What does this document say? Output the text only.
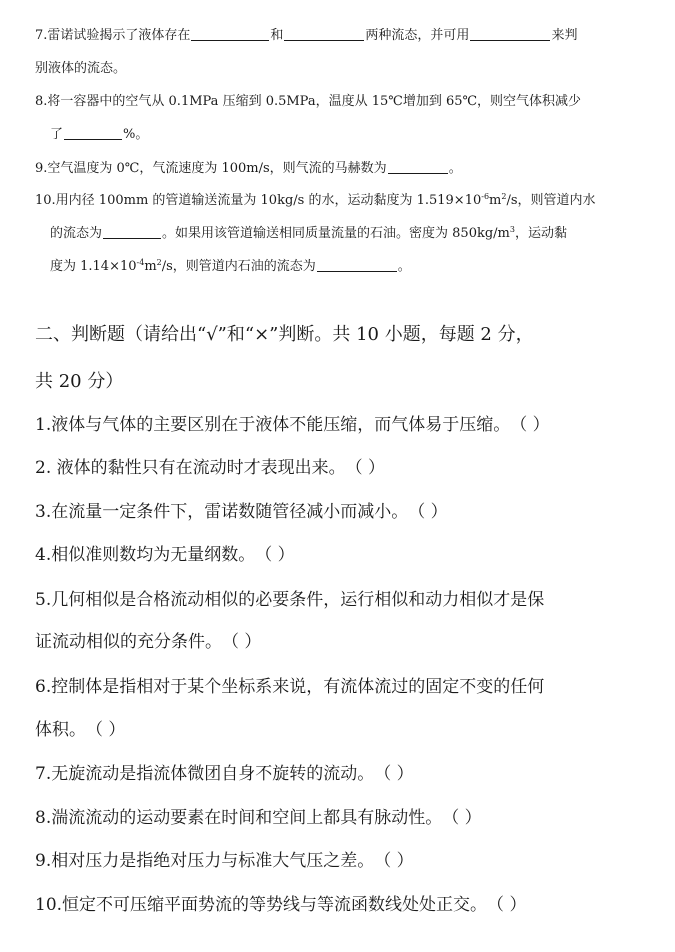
7.雷诺试验揭示了液体存在	和	两种流态，并可用	来判
别液体的流态。
8.将一容器中的空气从 0.1MPa 压缩到 0.5MPa，温度从 15℃增加到 65℃，则空气体积减少
了	%。
9.空气温度为 0℃，气流速度为 100m/s，则气流的马赫数为	。
10.用内径 100mm 的管道输送流量为 10kg/s 的水，运动黏度为 $1.519\times 10^{-6}m^2/s$，则管道内水
的流态为	。如果用该管道输送相同质量流量的石油。密度为 $850kg/m^3$，运动黏
度为 $1.14\times 10^{-4}m^2/s$，则管道内石油的流态为	。
二、判断题（请给出“√”和“×”判断。共 10 小题，每题 2 分，
共 20 分）
1.液体与气体的主要区别在于液体不能压缩，而气体易于压缩。（ ）
2. 液体的黏性只有在流动时才表现出来。（ ）
3.在流量一定条件下，雷诺数随管径减小而减小。（ ）
4.相似准则数均为无量纲数。（ ）
5.几何相似是合格流动相似的必要条件，运行相似和动力相似才是保
证流动相似的充分条件。（ ）
6.控制体是指相对于某个坐标系来说，有流体流过的固定不变的任何
体积。（ ）
7.无旋流动是指流体微团自身不旋转的流动。（ ）
8.湍流流动的运动要素在时间和空间上都具有脉动性。（ ）
9.相对压力是指绝对压力与标准大气压之差。（ ）
10.恒定不可压缩平面势流的等势线与等流函数线处处正交。（ ）
